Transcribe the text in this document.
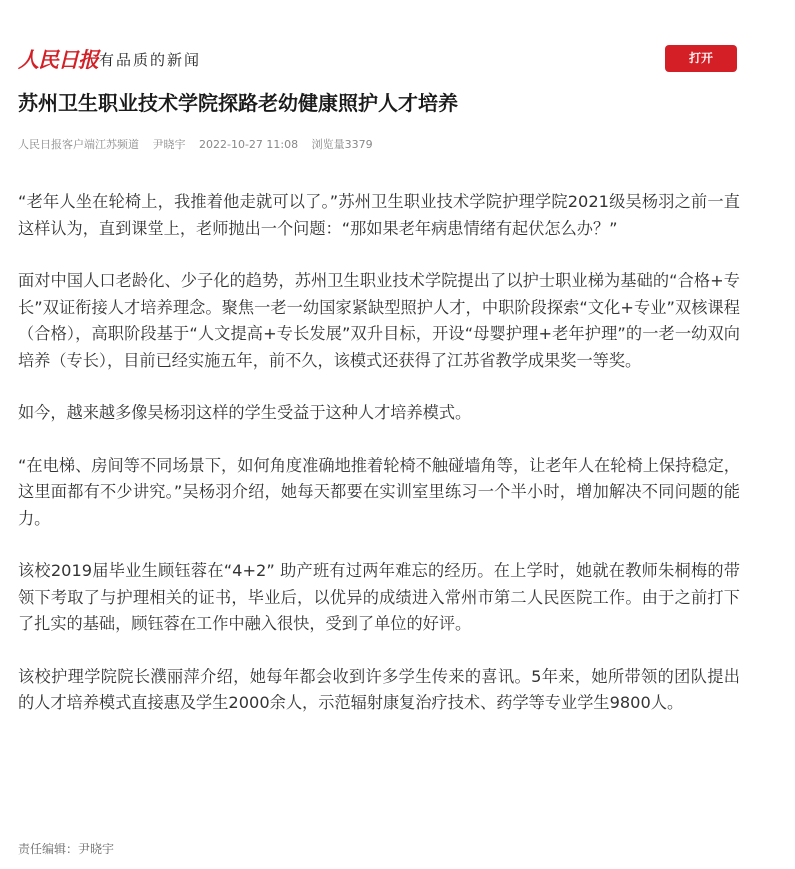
人民日报 有品质的新闻	打开
苏州卫生职业技术学院探路老幼健康照护人才培养
人民日报客户端江苏频道 尹晓宇 2022-10-27 11:08 浏览量3379

“老年人坐在轮椅上，我推着他走就可以了。”苏州卫生职业技术学院护理学院2021级吴杨羽之前一直这样认为，直到课堂上，老师抛出一个问题：“那如果老年病患情绪有起伏怎么办？”

面对中国人口老龄化、少子化的趋势，苏州卫生职业技术学院提出了以护士职业梯为基础的“合格+专长”双证衔接人才培养理念。聚焦一老一幼国家紧缺型照护人才，中职阶段探索“文化+专业”双核课程（合格），高职阶段基于“人文提高+专长发展”双升目标，开设“母婴护理+老年护理”的一老一幼双向培养（专长），目前已经实施五年，前不久，该模式还获得了江苏省教学成果奖一等奖。

如今，越来越多像吴杨羽这样的学生受益于这种人才培养模式。

“在电梯、房间等不同场景下，如何角度准确地推着轮椅不触碰墙角等，让老年人在轮椅上保持稳定，这里面都有不少讲究。”吴杨羽介绍，她每天都要在实训室里练习一个半小时，增加解决不同问题的能力。

该校2019届毕业生顾钰蓉在“4+2” 助产班有过两年难忘的经历。在上学时，她就在教师朱桐梅的带领下考取了与护理相关的证书，毕业后，以优异的成绩进入常州市第二人民医院工作。由于之前打下了扎实的基础，顾钰蓉在工作中融入很快，受到了单位的好评。

该校护理学院院长濮丽萍介绍，她每年都会收到许多学生传来的喜讯。5年来，她所带领的团队提出的人才培养模式直接惠及学生2000余人，示范辐射康复治疗技术、药学等专业学生9800人。

责任编辑：尹晓宇
